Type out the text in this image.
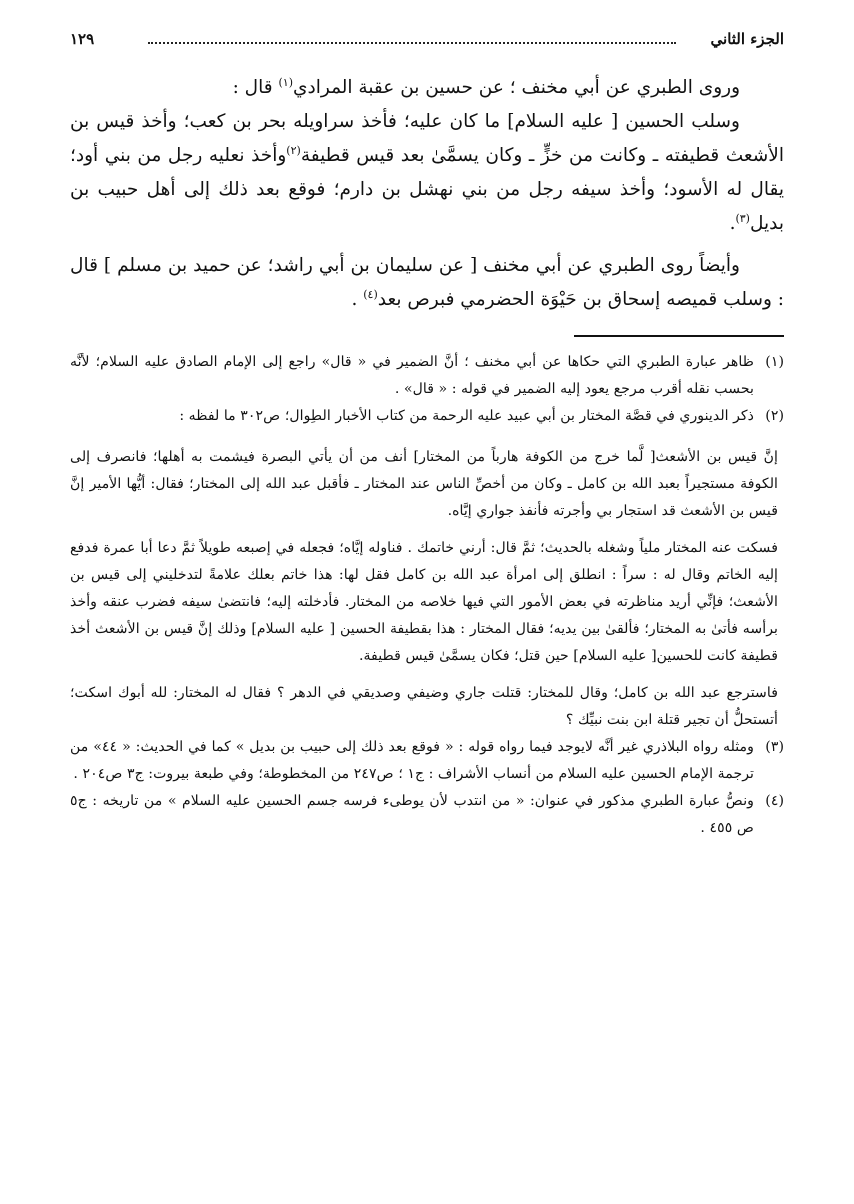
الجزء الثاني
١٢٩

وروى الطبري عن أبي مخنف ؛ عن حسين بن عقبة المرادي$^{(١)}$ قال :

وسلب الحسين [ عليه السلام] ما كان عليه؛ فأخذ سراويله بحر بن كعب؛ وأخذ قيس بن الأشعث قطيفته ـ وكانت من خزٍّ ـ وكان يسمَّىٰ بعد قيس قطيفة$^{(٢)}$وأخذ نعليه رجل من بني أود؛ يقال له الأسود؛ وأخذ سيفه رجل من بني نهشل بن دارم؛ فوقع بعد ذلك إلى أهل حبيب بن بديل$^{(٣)}$.

وأيضاً روى الطبري عن أبي مخنف [ عن سليمان بن أبي راشد؛ عن حميد بن مسلم ] قال : وسلب قميصه إسحاق بن حَيْوَة الحضرمي فبرص بعد$^{(٤)}$ .

(١)ظاهر عبارة الطبري التي حكاها عن أبي مخنف ؛ أنَّ الضمير في « قال» راجع إلى الإمام الصادق عليه السلام؛ لأنَّه بحسب نقله أقرب مرجع يعود إليه الضمير في قوله : « قال» .

(٢)ذكر الدينوري في قصَّة المختار بن أبي عبيد عليه الرحمة من كتاب الأخبار الطِوال؛ ص٣٠٢ ما لفظه :

إنَّ قيس بن الأشعث[ لَّما خرج من الكوفة هارباً من المختار] أنف من أن يأتي البصرة فيشمت به أهلها؛ فانصرف إلى الكوفة مستجيراً بعبد الله بن كامل ـ وكان من أخصِّ الناس عند المختار ـ فأقبل عبد الله إلى المختار؛ فقال: أيُّها الأمير إنَّ قيس بن الأشعث قد استجار بي وأجرته فأنفذ جواري إيَّاه.

فسكت عنه المختار ملياً وشغله بالحديث؛ ثمَّ قال: أرني خاتمك . فناوله إيَّاه؛ فجعله في إصبعه طويلاً ثمَّ دعا أبا عمرة فدفع إليه الخاتم وقال له : سراً : انطلق إلى امرأة عبد الله بن كامل فقل لها: هذا خاتم بعلك علامةً لتدخليني إلى قيس بن الأشعث؛ فإنِّي أريد مناظرته في بعض الأمور التي فيها خلاصه من المختار. فأدخلته إليه؛ فانتضىٰ سيفه فضرب عنقه وأخذ برأسه فأتىٰ به المختار؛ فألقىٰ بين يديه؛ فقال المختار : هذا بقطيفة الحسين [ عليه السلام] وذلك إنَّ قيس بن الأشعث أخذ قطيفة كانت للحسين[ عليه السلام] حين قتل؛ فكان يسمَّىٰ قيس قطيفة.

فاسترجع عبد الله بن كامل؛ وقال للمختار: قتلت جاري وضيفي وصديقي في الدهر ؟ فقال له المختار: لله أبوك اسكت؛ أتستحلُّ أن تجير قتلة ابن بنت نبيِّك ؟

(٣)ومثله رواه البلاذري غير أنَّه لايوجد فيما رواه قوله : « فوقع بعد ذلك إلى حبيب بن بديل » كما في الحديث: « ٤٤» من ترجمة الإمام الحسين عليه السلام من أنساب الأشراف : ج١ ؛ ص٢٤٧ من المخطوطة؛ وفي طبعة بيروت: ج٣ ص٢٠٤ .

(٤)ونصُّ عبارة الطبري مذكور في عنوان: « من انتدب لأن يوطىء فرسه جسم الحسين عليه السلام » من تاريخه : ج٥ ص ٤٥٥ .
